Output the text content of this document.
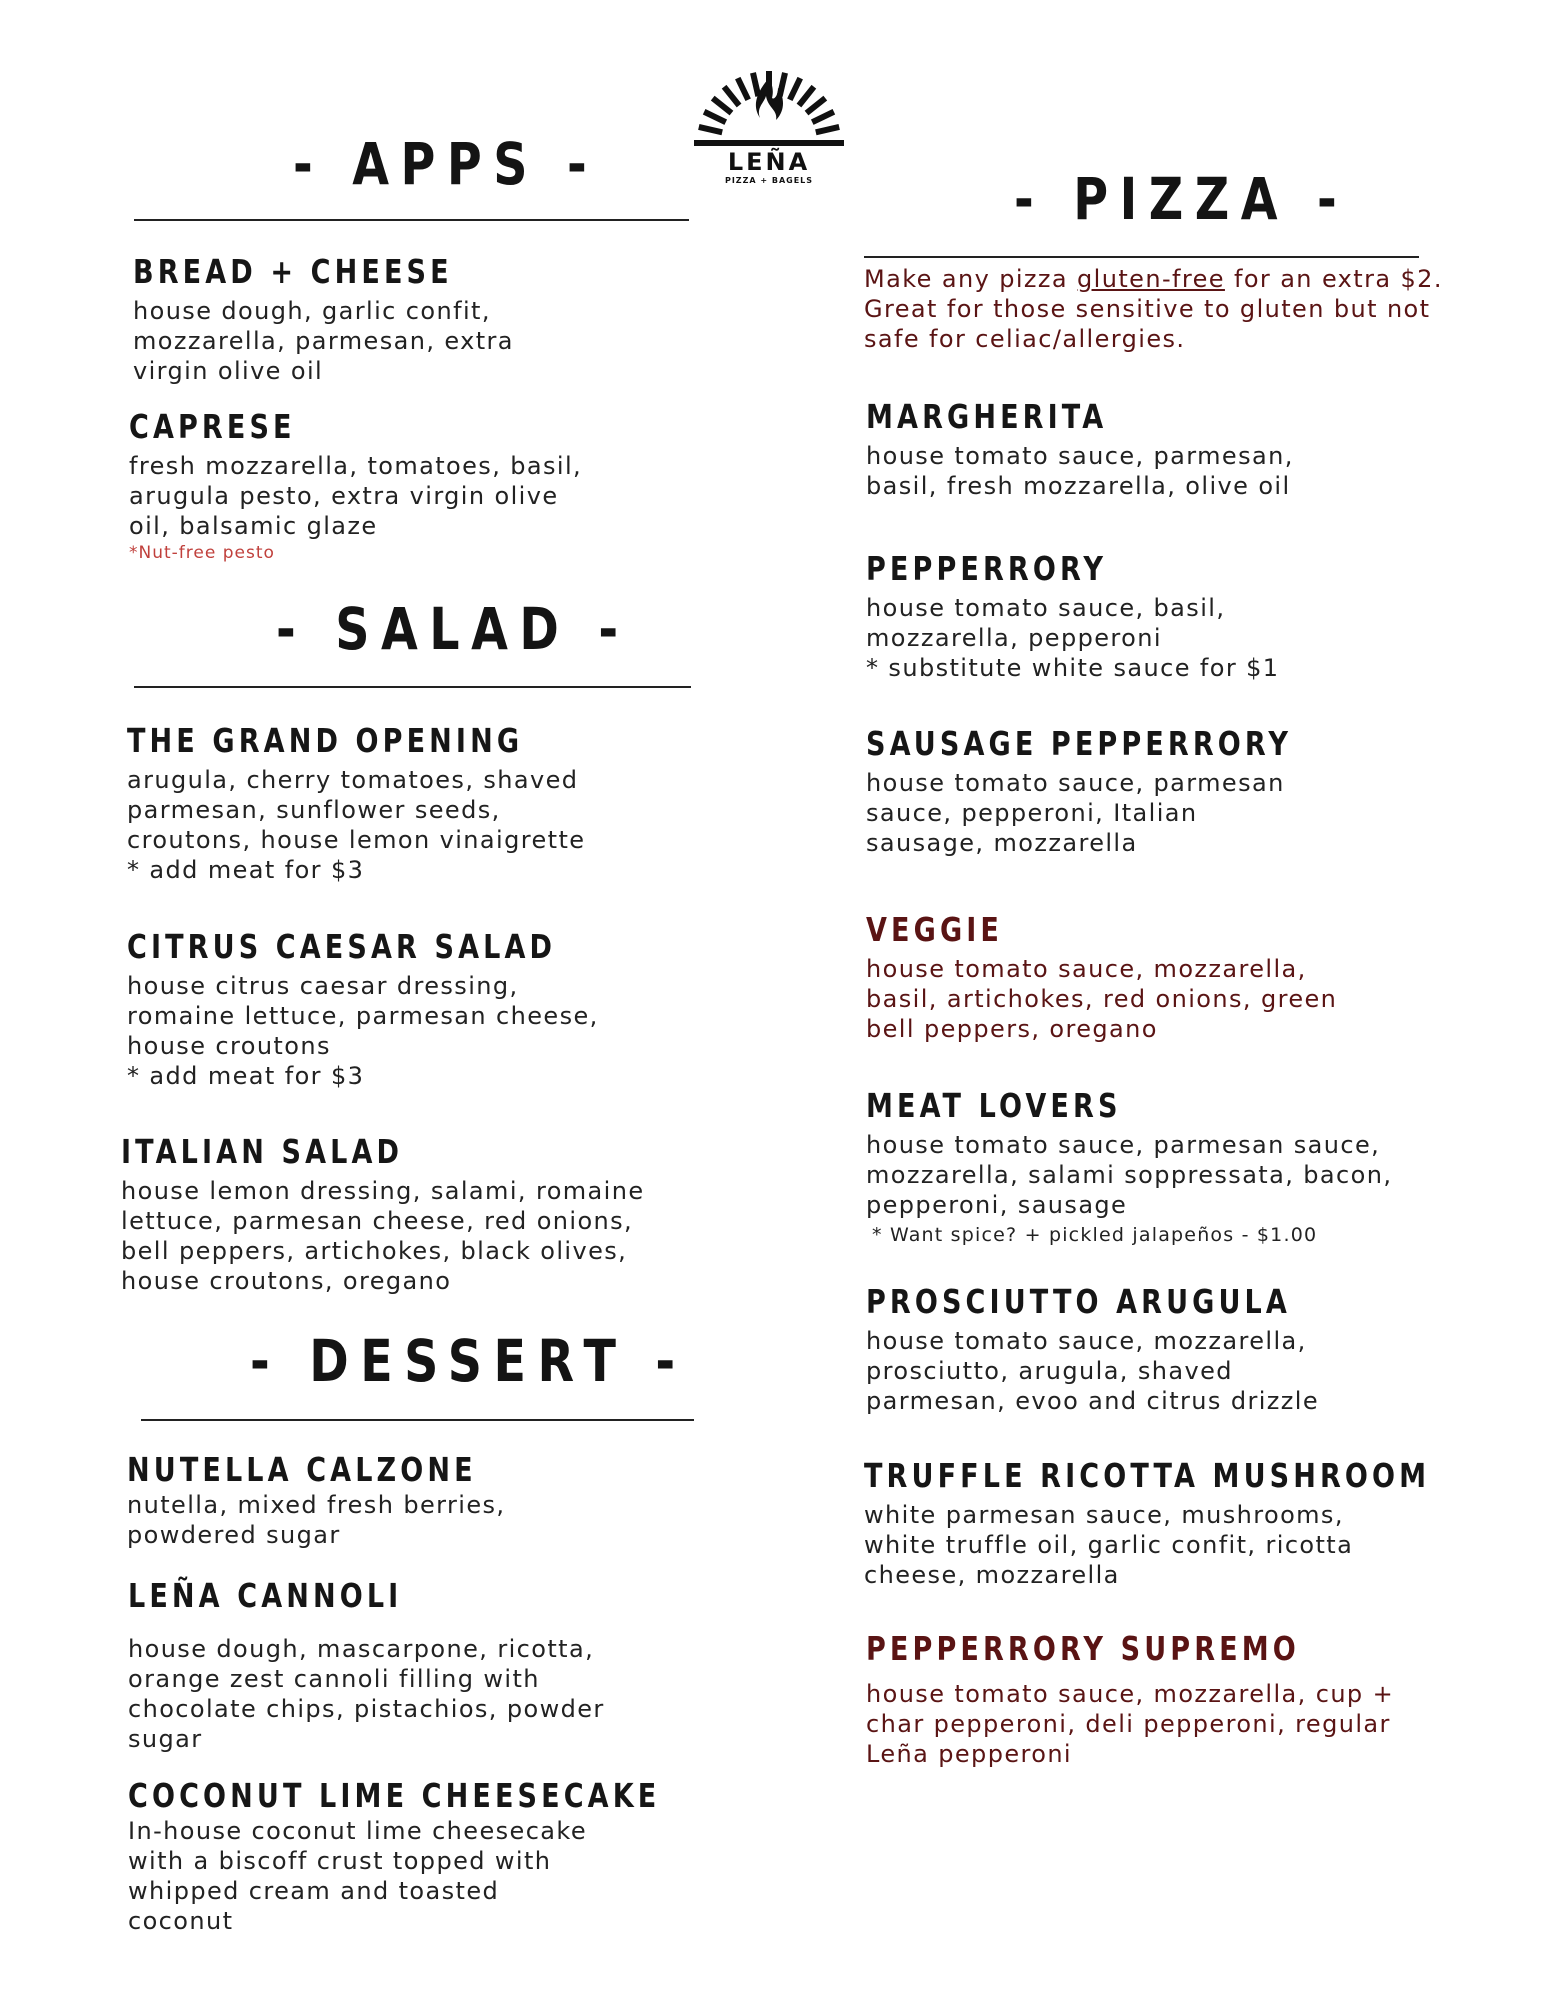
LEÑA
PIZZA + BAGELS
- APPS -
BREAD + CHEESE

house dough, garlic confit,
mozzarella, parmesan, extra
virgin olive oil

CAPRESE

fresh mozzarella, tomatoes, basil,
arugula pesto, extra virgin olive
oil, balsamic glaze

*Nut-free pesto

- SALAD -
THE GRAND OPENING

arugula, cherry tomatoes, shaved
parmesan, sunflower seeds,
croutons, house lemon vinaigrette
* add meat for $3

CITRUS CAESAR SALAD

house citrus caesar dressing,
romaine lettuce, parmesan cheese,
house croutons
* add meat for $3

ITALIAN SALAD

house lemon dressing, salami, romaine
lettuce, parmesan cheese, red onions,
bell peppers, artichokes, black olives,
house croutons, oregano

- DESSERT -
NUTELLA CALZONE

nutella, mixed fresh berries,
powdered sugar

LEÑA CANNOLI

house dough, mascarpone, ricotta,
orange zest cannoli filling with
chocolate chips, pistachios, powder
sugar

COCONUT LIME CHEESECAKE

In-house coconut lime cheesecake
with a biscoff crust topped with
whipped cream and toasted
coconut

- PIZZA -

Make any pizza gluten-free for an extra $2.
Great for those sensitive to gluten but not
safe for celiac/allergies.

MARGHERITA

house tomato sauce, parmesan,
basil, fresh mozzarella, olive oil

PEPPERRORY

house tomato sauce, basil,
mozzarella, pepperoni
* substitute white sauce for $1

SAUSAGE PEPPERRORY

house tomato sauce, parmesan
sauce, pepperoni, Italian
sausage, mozzarella

VEGGIE

house tomato sauce, mozzarella,
basil, artichokes, red onions, green
bell peppers, oregano

MEAT LOVERS

house tomato sauce, parmesan sauce,
mozzarella, salami soppressata, bacon,
pepperoni, sausage

* Want spice? + pickled jalapeños - $1.00

PROSCIUTTO ARUGULA

house tomato sauce, mozzarella,
prosciutto, arugula, shaved
parmesan, evoo and citrus drizzle

TRUFFLE RICOTTA MUSHROOM

white parmesan sauce, mushrooms,
white truffle oil, garlic confit, ricotta
cheese, mozzarella

PEPPERRORY SUPREMO

house tomato sauce, mozzarella, cup +
char pepperoni, deli pepperoni, regular
Leña pepperoni
